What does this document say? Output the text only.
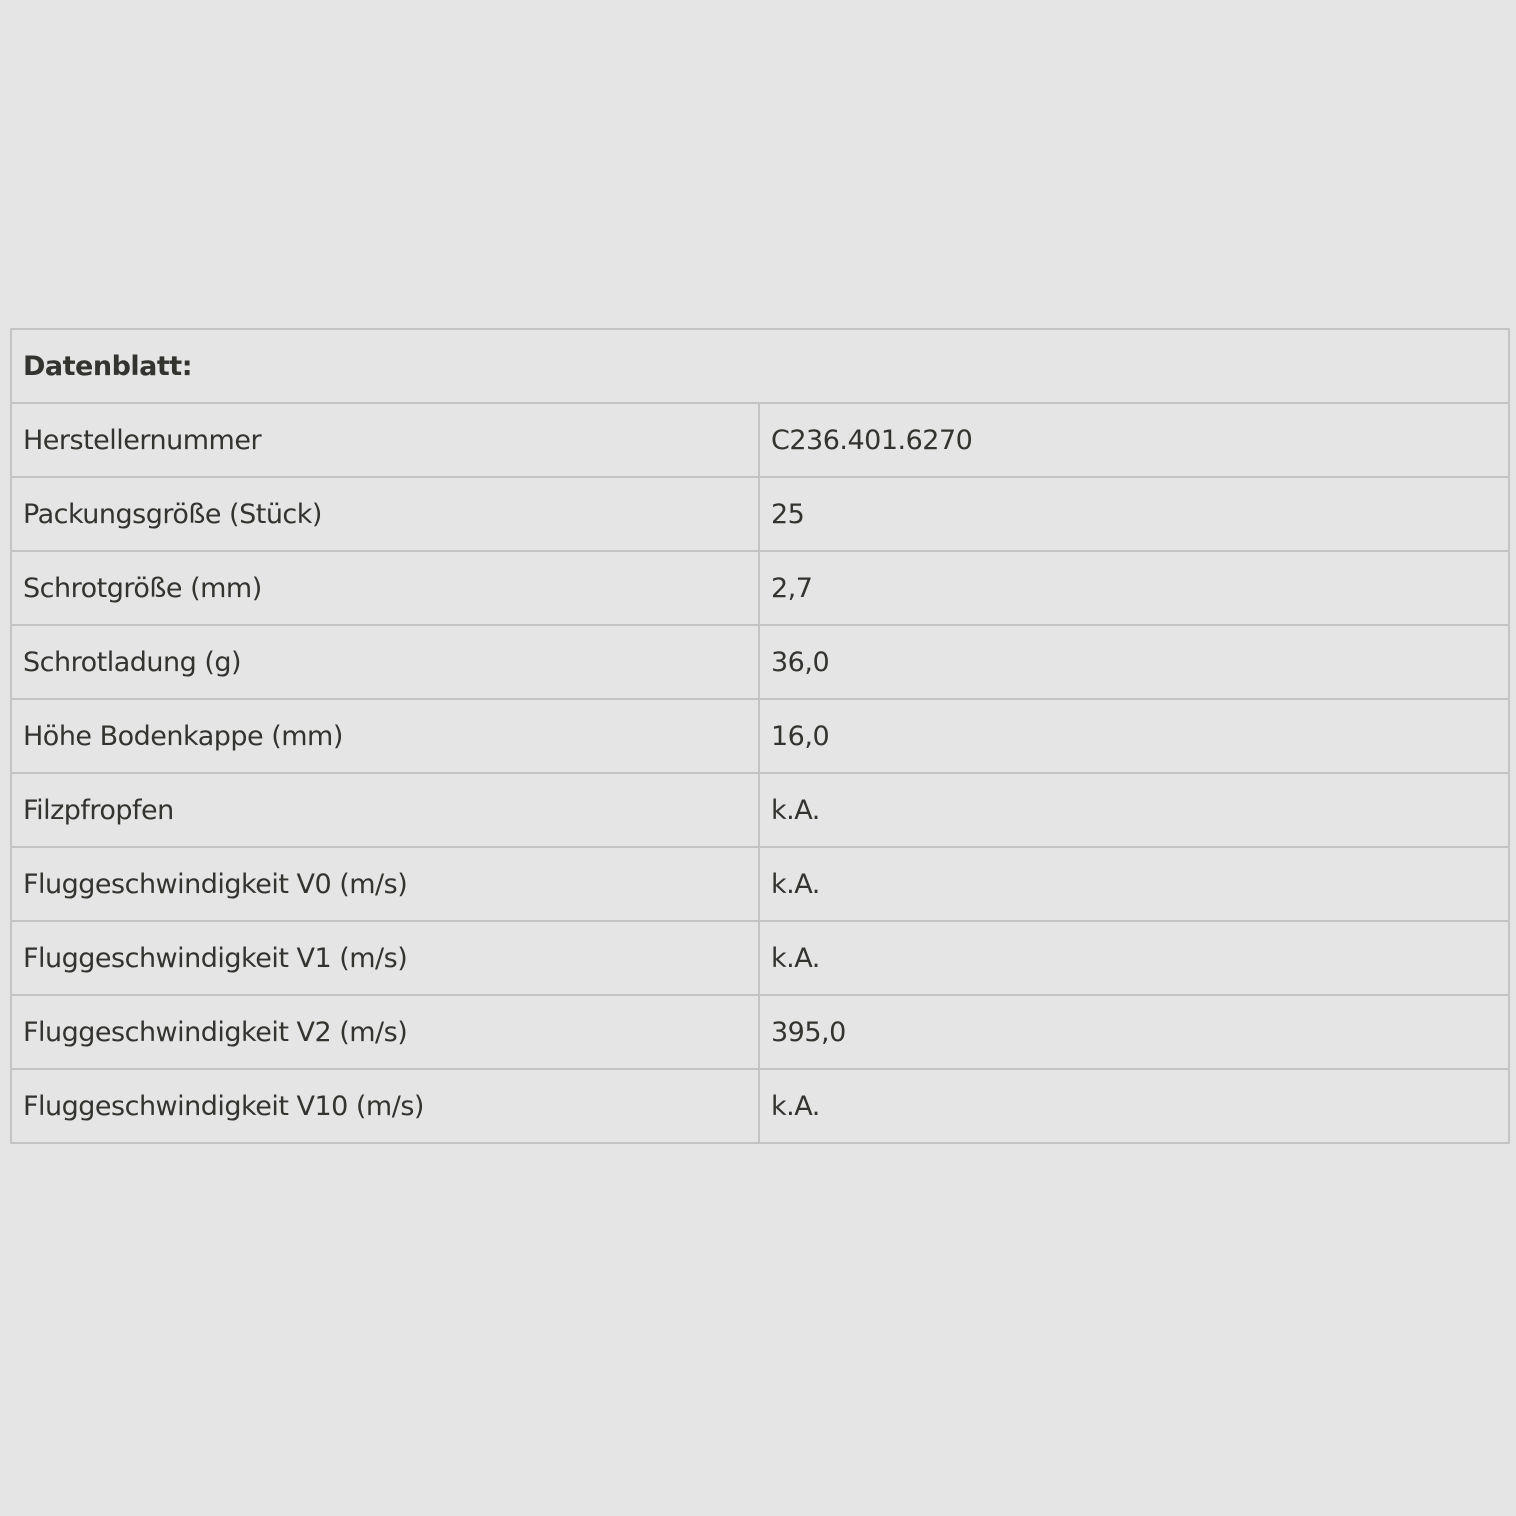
Datenblatt:	
Herstellernummer	C236.401.6270
Packungsgröße (Stück)	25
Schrotgröße (mm)	2,7
Schrotladung (g)	36,0
Höhe Bodenkappe (mm)	16,0
Filzpfropfen	k.A.
Fluggeschwindigkeit V0 (m/s)	k.A.
Fluggeschwindigkeit V1 (m/s)	k.A.
Fluggeschwindigkeit V2 (m/s)	395,0
Fluggeschwindigkeit V10 (m/s)	k.A.
